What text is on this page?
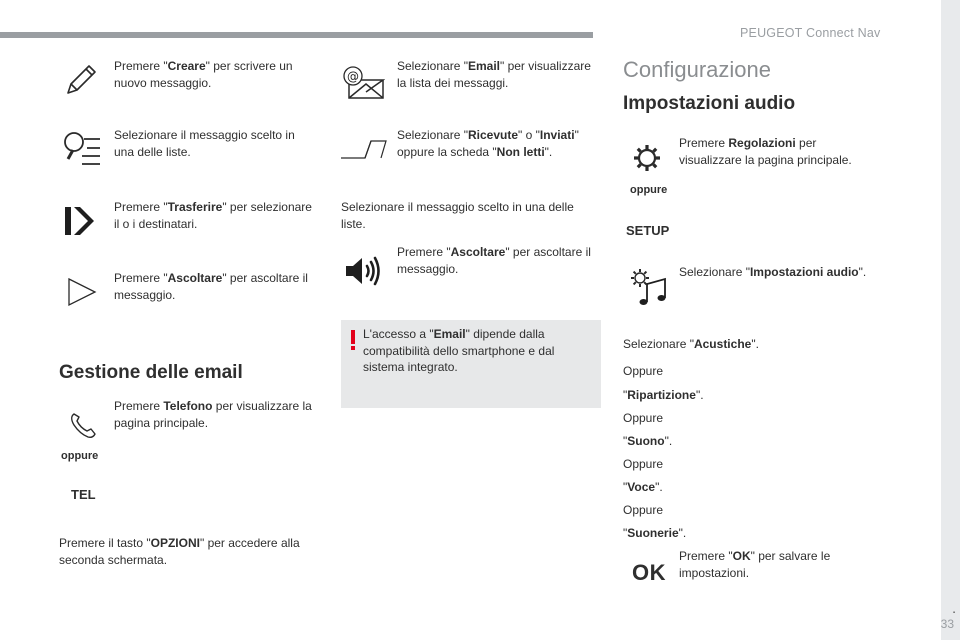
PEUGEOT Connect Nav
.
33
Premere "Creare" per scrivere un nuovo messaggio.
Selezionare il messaggio scelto in una delle liste.
Premere "Trasferire" per selezionare il o i destinatari.
Premere "Ascoltare" per ascoltare il messaggio.
Gestione delle email
oppure
Premere Telefono per visualizzare la pagina principale.
TEL
Premere il tasto "OPZIONI" per accedere alla seconda schermata.
@
Selezionare "Email" per visualizzare la lista dei messaggi.
Selezionare "Ricevute" o "Inviati" oppure la scheda "Non letti".
Selezionare il messaggio scelto in una delle liste.
Premere "Ascoltare" per ascoltare il messaggio.
L'accesso a "Email" dipende dalla compatibilità dello smartphone e dal sistema integrato.
Configurazione
Impostazioni audio
oppure
Premere Regolazioni per visualizzare la pagina principale.
SETUP
Selezionare "Impostazioni audio".
Selezionare "Acustiche".
Oppure
"Ripartizione".
Oppure
"Suono".
Oppure
"Voce".
Oppure
"Suonerie".
OK
Premere "OK" per salvare le impostazioni.
